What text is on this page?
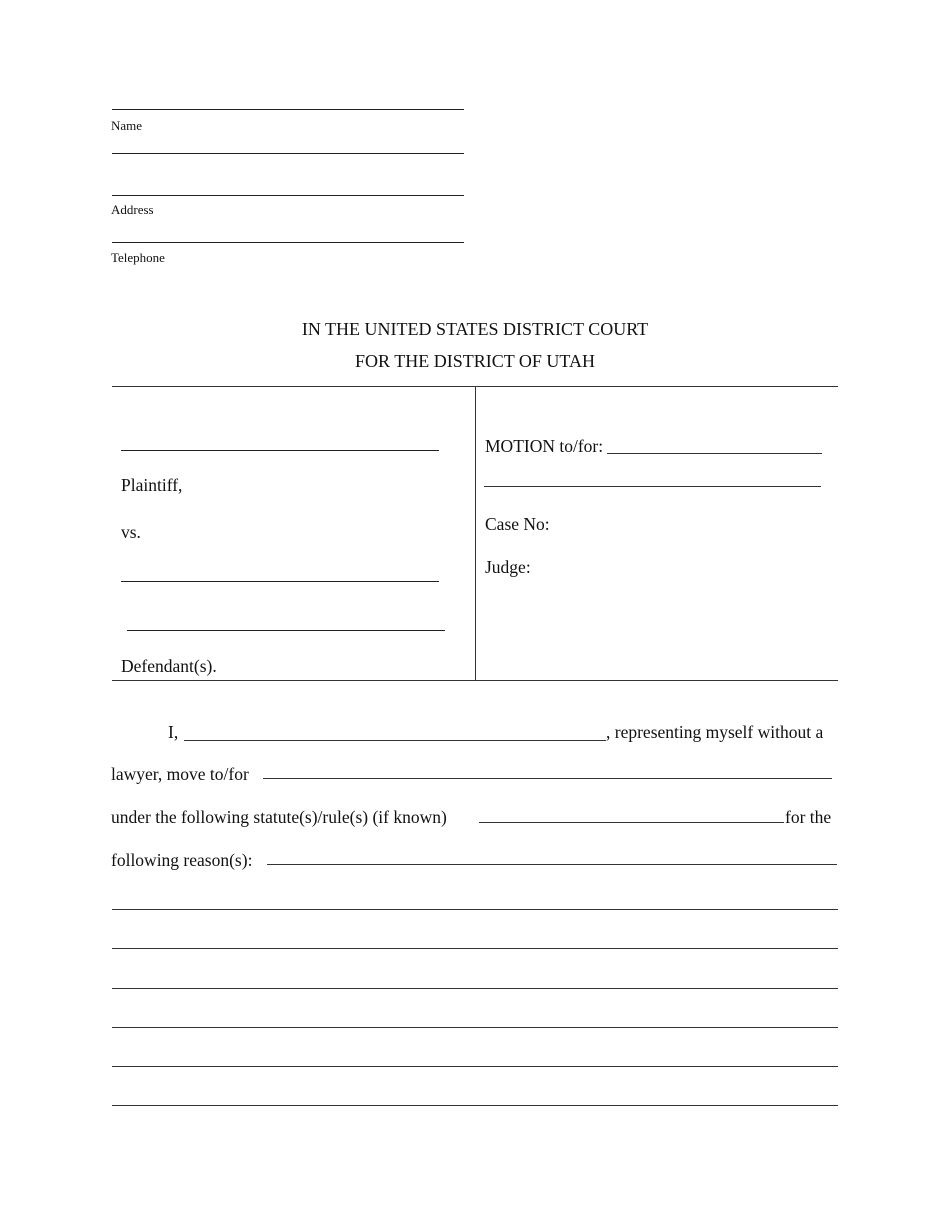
Name
Address
Telephone
IN THE UNITED STATES DISTRICT COURT
FOR THE DISTRICT OF UTAH
Plaintiff,
vs.
Defendant(s).
MOTION to/for:
Case No:
Judge:
I,	, representing myself without a
lawyer, move to/for
under the following statute(s)/rule(s) (if known)	for the
following reason(s):
